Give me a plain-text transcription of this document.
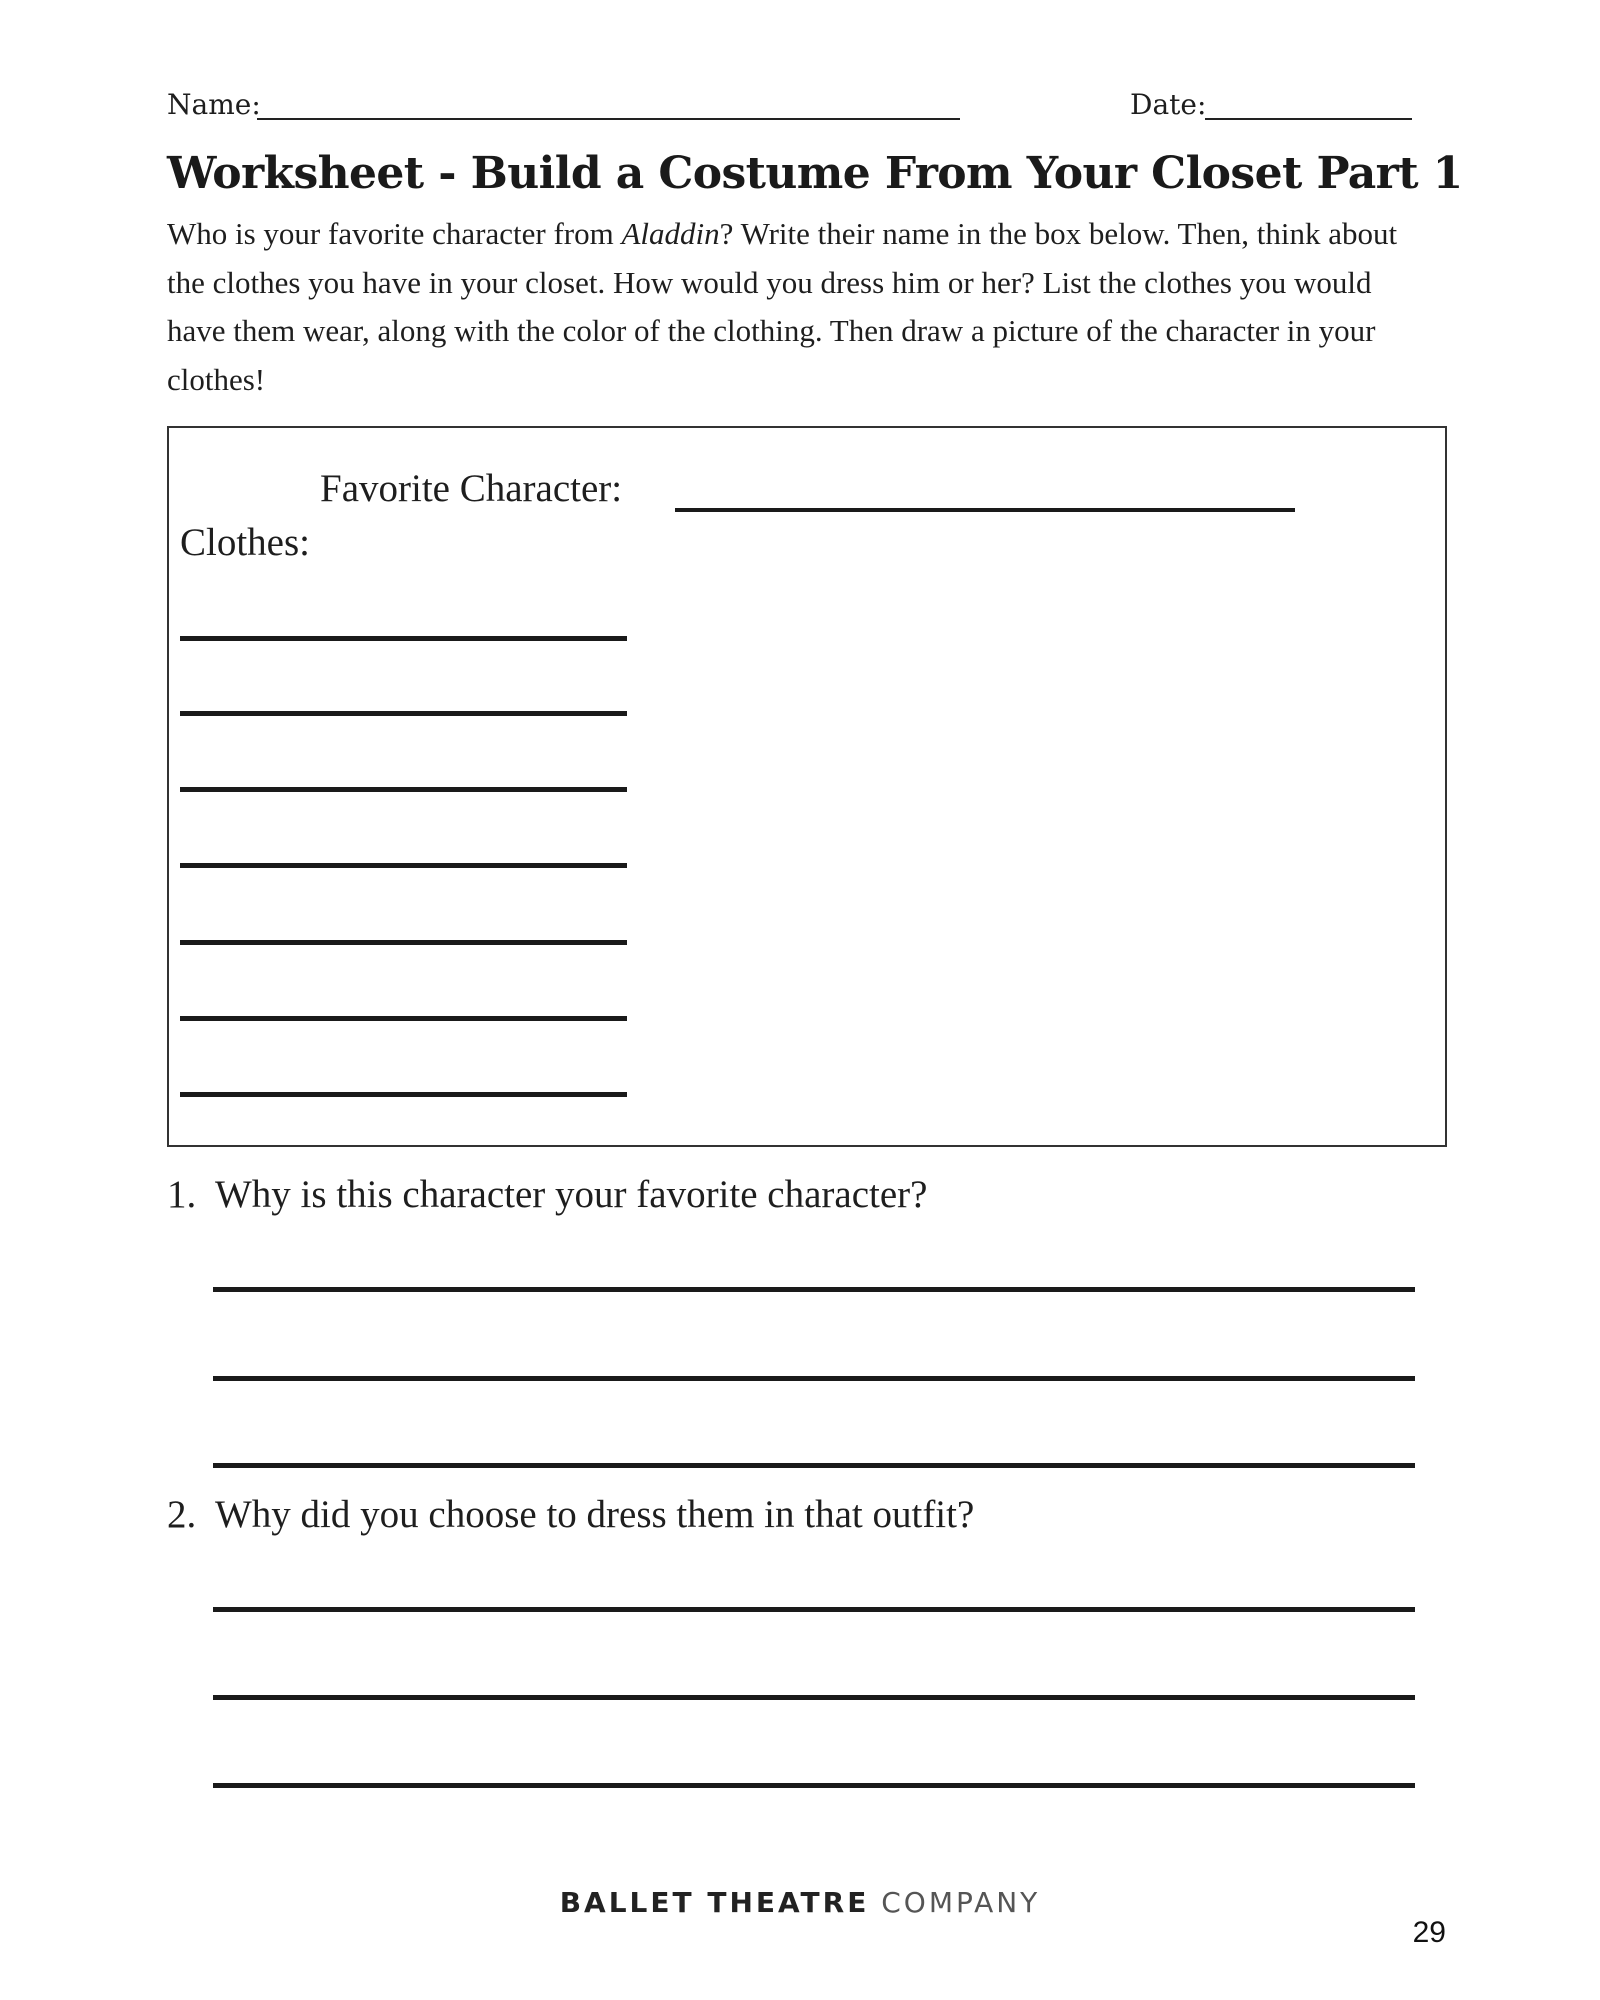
Name:	Date:
Worksheet - Build a Costume From Your Closet Part 1

Who is your favorite character from Aladdin? Write their name in the box below. Then, think about the clothes you have in your closet. How would you dress him or her? List the clothes you would have them wear, along with the color of the clothing. Then draw a picture of the character in your clothes!

Favorite Character:
Clothes:
1. Why is this character your favorite character?
2. Why did you choose to dress them in that outfit?
BALLET THEATRE COMPANY
29
